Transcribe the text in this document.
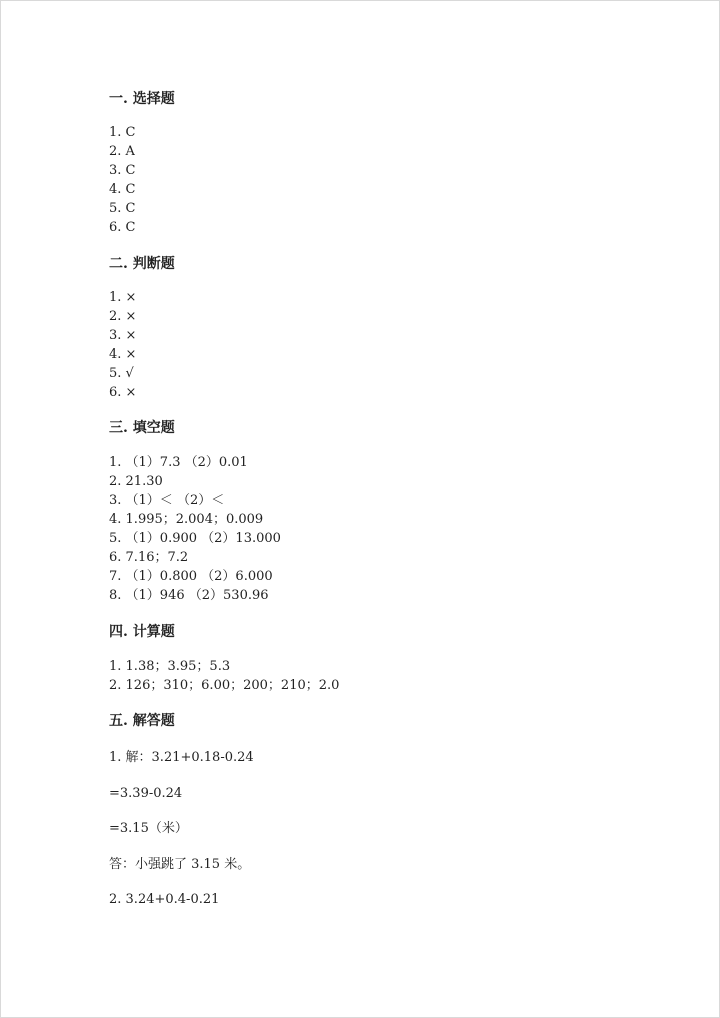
一. 选择题
1. C
2. A
3. C
4. C
5. C
6. C
二. 判断题
1. ×
2. ×
3. ×
4. ×
5. √
6. ×
三. 填空题
1. （1）7.3 （2）0.01
2. 21.30
3. （1）＜ （2）＜
4. 1.995；2.004；0.009
5. （1）0.900 （2）13.000
6. 7.16；7.2
7. （1）0.800 （2）6.000
8. （1）946 （2）530.96
四. 计算题
1. 1.38；3.95；5.3
2. 126；310；6.00；200；210；2.0
五. 解答题
1. 解：3.21+0.18-0.24
=3.39-0.24
=3.15（米）
答：小强跳了 3.15 米。
2. 3.24+0.4-0.21
